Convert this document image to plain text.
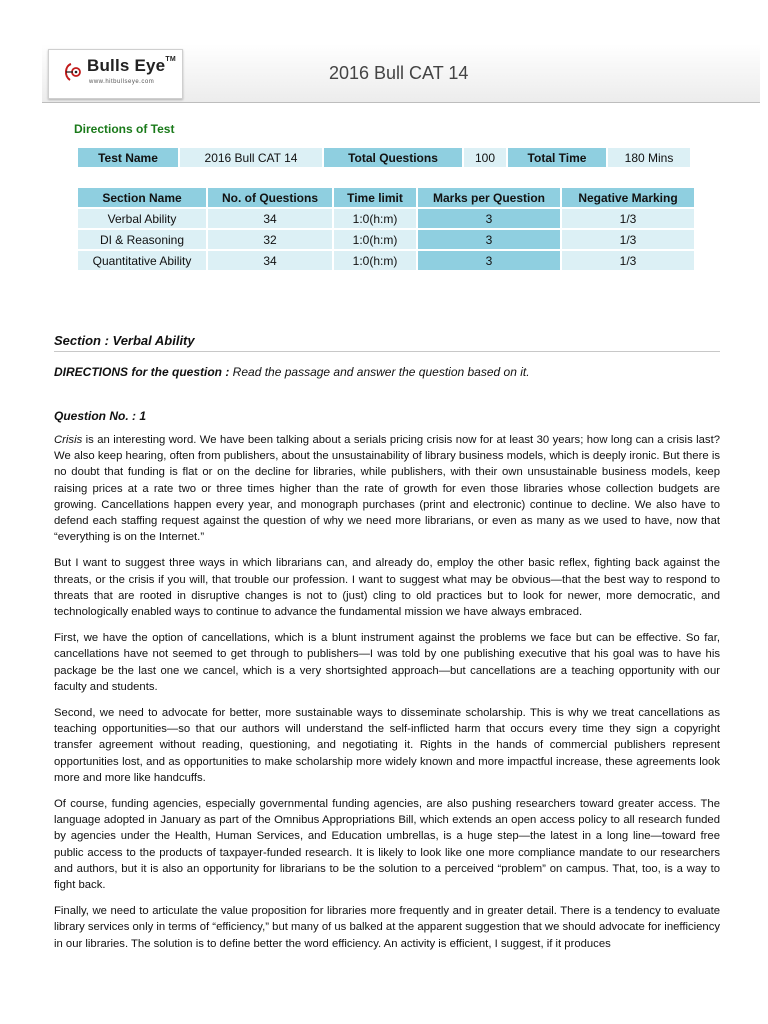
Bulls Eye™
www.hitbullseye.com	2016 Bull CAT 14
Directions of Test
Test Name	2016 Bull CAT 14	Total Questions	100	Total Time	180 Mins
Section Name	No. of Questions	Time limit	Marks per Question	Negative Marking
Verbal Ability	34	1:0(h:m)	3	1/3
DI & Reasoning	32	1:0(h:m)	3	1/3
Quantitative Ability	34	1:0(h:m)	3	1/3
Section : Verbal Ability
DIRECTIONS for the question : Read the passage and answer the question based on it.
Question No. : 1

Crisis is an interesting word. We have been talking about a serials pricing crisis now for at least 30 years; how long can a crisis last? We also keep hearing, often from publishers, about the unsustainability of library business models, which is deeply ironic. But there is no doubt that funding is flat or on the decline for libraries, while publishers, with their own unsustainable business models, keep raising prices at a rate two or three times higher than the rate of growth for even those libraries whose collection budgets are growing. Cancellations happen every year, and monograph purchases (print and electronic) continue to decline. We also have to defend each staffing request against the question of why we need more librarians, or even as many as we used to have, now that “everything is on the Internet.”

But I want to suggest three ways in which librarians can, and already do, employ the other basic reflex, fighting back against the threats, or the crisis if you will, that trouble our profession. I want to suggest what may be obvious—that the best way to respond to threats that are rooted in disruptive changes is not to (just) cling to old practices but to look for newer, more democratic, and technologically enabled ways to continue to advance the fundamental mission we have always embraced.

First, we have the option of cancellations, which is a blunt instrument against the problems we face but can be effective. So far, cancellations have not seemed to get through to publishers—I was told by one publishing executive that his goal was to have his package be the last one we cancel, which is a very shortsighted approach—but cancellations are a teaching opportunity with our faculty and students.

Second, we need to advocate for better, more sustainable ways to disseminate scholarship. This is why we treat cancellations as teaching opportunities—so that our authors will understand the self-inflicted harm that occurs every time they sign a copyright transfer agreement without reading, questioning, and negotiating it. Rights in the hands of commercial publishers represent opportunities lost, and as opportunities to make scholarship more widely known and more impactful increase, these agreements look more and more like handcuffs.

Of course, funding agencies, especially governmental funding agencies, are also pushing researchers toward greater access. The language adopted in January as part of the Omnibus Appropriations Bill, which extends an open access policy to all research funded by agencies under the Health, Human Services, and Education umbrellas, is a huge step—the latest in a long line—toward free public access to the products of taxpayer-funded research. It is likely to look like one more compliance mandate to our researchers and authors, but it is also an opportunity for librarians to be the solution to a perceived “problem” on campus. That, too, is a way to fight back.

Finally, we need to articulate the value proposition for libraries more frequently and in greater detail. There is a tendency to evaluate library services only in terms of “efficiency,” but many of us balked at the apparent suggestion that we should advocate for inefficiency in our libraries. The solution is to define better the word efficiency. An activity is efficient, I suggest, if it produces
